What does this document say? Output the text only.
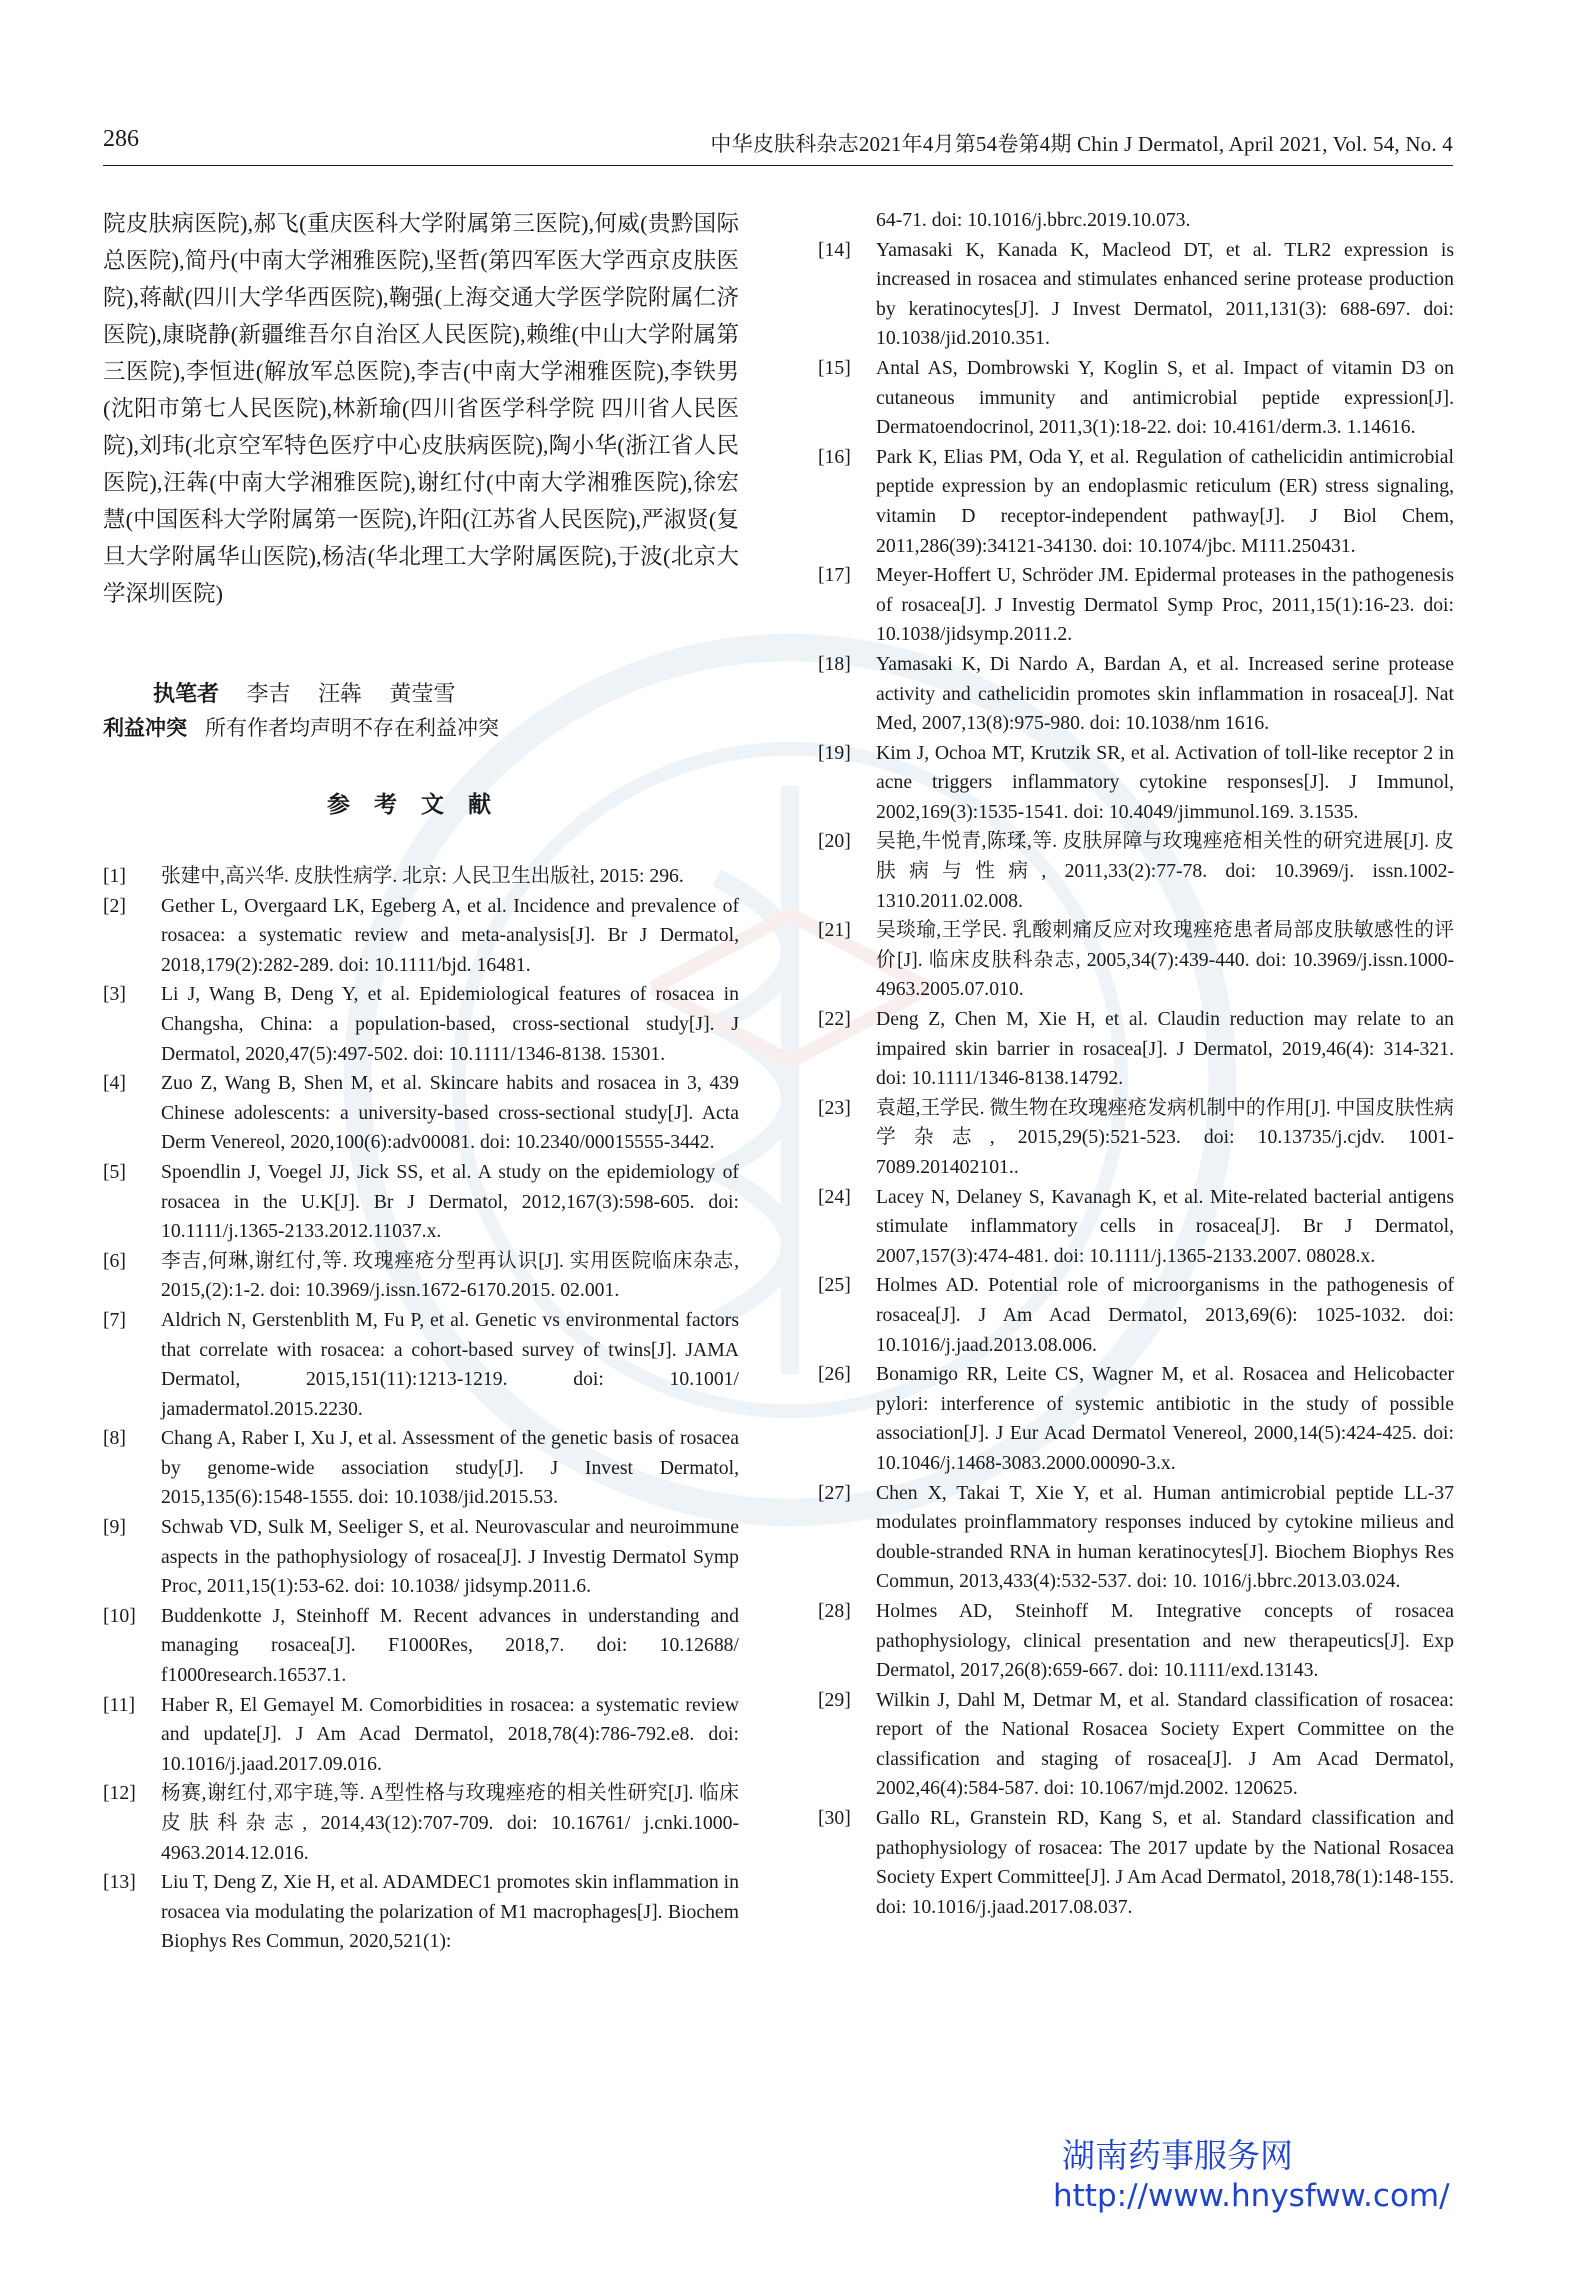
286	中华皮肤科杂志2021年4月第54卷第4期 Chin J Dermatol, April 2021, Vol. 54, No. 4

院皮肤病医院),郝飞(重庆医科大学附属第三医院),何威(贵黔国际总医院),简丹(中南大学湘雅医院),坚哲(第四军医大学西京皮肤医院),蒋献(四川大学华西医院),鞠强(上海交通大学医学院附属仁济医院),康晓静(新疆维吾尔自治区人民医院),赖维(中山大学附属第三医院),李恒进(解放军总医院),李吉(中南大学湘雅医院),李铁男(沈阳市第七人民医院),林新瑜(四川省医学科学院 四川省人民医院),刘玮(北京空军特色医疗中心皮肤病医院),陶小华(浙江省人民医院),汪犇(中南大学湘雅医院),谢红付(中南大学湘雅医院),徐宏慧(中国医科大学附属第一医院),许阳(江苏省人民医院),严淑贤(复旦大学附属华山医院),杨洁(华北理工大学附属医院),于波(北京大学深圳医院)

执笔者 李吉 汪犇 黄莹雪

利益冲突 所有作者均声明不存在利益冲突

参考文献
[1]	张建中,高兴华. 皮肤性病学. 北京: 人民卫生出版社, 2015: 296.
[2]	Gether L, Overgaard LK, Egeberg A, et al. Incidence and prevalence of rosacea: a systematic review and meta-analysis[J]. Br J Dermatol, 2018,179(2):282-289. doi: 10.1111/bjd. 16481.
[3]	Li J, Wang B, Deng Y, et al. Epidemiological features of rosacea in Changsha, China: a population-based, cross-sectional study[J]. J Dermatol, 2020,47(5):497-502. doi: 10.1111/1346-8138. 15301.
[4]	Zuo Z, Wang B, Shen M, et al. Skincare habits and rosacea in 3, 439 Chinese adolescents: a university-based cross-sectional study[J]. Acta Derm Venereol, 2020,100(6):adv00081. doi: 10.2340/00015555-3442.
[5]	Spoendlin J, Voegel JJ, Jick SS, et al. A study on the epidemiology of rosacea in the U.K[J]. Br J Dermatol, 2012,167(3):598-605. doi: 10.1111/j.1365-2133.2012.11037.x.
[6]	李吉,何琳,谢红付,等. 玫瑰痤疮分型再认识[J]. 实用医院临床杂志, 2015,(2):1-2. doi: 10.3969/j.issn.1672-6170.2015. 02.001.
[7]	Aldrich N, Gerstenblith M, Fu P, et al. Genetic vs environmental factors that correlate with rosacea: a cohort-based survey of twins[J]. JAMA Dermatol, 2015,151(11):1213-1219. doi: 10.1001/ jamadermatol.2015.2230.
[8]	Chang A, Raber I, Xu J, et al. Assessment of the genetic basis of rosacea by genome-wide association study[J]. J Invest Dermatol, 2015,135(6):1548-1555. doi: 10.1038/jid.2015.53.
[9]	Schwab VD, Sulk M, Seeliger S, et al. Neurovascular and neuroimmune aspects in the pathophysiology of rosacea[J]. J Investig Dermatol Symp Proc, 2011,15(1):53-62. doi: 10.1038/ jidsymp.2011.6.
[10]	Buddenkotte J, Steinhoff M. Recent advances in understanding and managing rosacea[J]. F1000Res, 2018,7. doi: 10.12688/ f1000research.16537.1.
[11]	Haber R, El Gemayel M. Comorbidities in rosacea: a systematic review and update[J]. J Am Acad Dermatol, 2018,78(4):786-792.e8. doi: 10.1016/j.jaad.2017.09.016.
[12]	杨赛,谢红付,邓宇琏,等. A型性格与玫瑰痤疮的相关性研究[J]. 临床皮肤科杂志, 2014,43(12):707-709. doi: 10.16761/ j.cnki.1000-4963.2014.12.016.
[13]	Liu T, Deng Z, Xie H, et al. ADAMDEC1 promotes skin inflammation in rosacea via modulating the polarization of M1 macrophages[J]. Biochem Biophys Res Commun, 2020,521(1):
64-71. doi: 10.1016/j.bbrc.2019.10.073.
[14]	Yamasaki K, Kanada K, Macleod DT, et al. TLR2 expression is increased in rosacea and stimulates enhanced serine protease production by keratinocytes[J]. J Invest Dermatol, 2011,131(3): 688-697. doi: 10.1038/jid.2010.351.
[15]	Antal AS, Dombrowski Y, Koglin S, et al. Impact of vitamin D3 on cutaneous immunity and antimicrobial peptide expression[J]. Dermatoendocrinol, 2011,3(1):18-22. doi: 10.4161/derm.3. 1.14616.
[16]	Park K, Elias PM, Oda Y, et al. Regulation of cathelicidin antimicrobial peptide expression by an endoplasmic reticulum (ER) stress signaling, vitamin D receptor-independent pathway[J]. J Biol Chem, 2011,286(39):34121-34130. doi: 10.1074/jbc. M111.250431.
[17]	Meyer-Hoffert U, Schröder JM. Epidermal proteases in the pathogenesis of rosacea[J]. J Investig Dermatol Symp Proc, 2011,15(1):16-23. doi: 10.1038/jidsymp.2011.2.
[18]	Yamasaki K, Di Nardo A, Bardan A, et al. Increased serine protease activity and cathelicidin promotes skin inflammation in rosacea[J]. Nat Med, 2007,13(8):975-980. doi: 10.1038/nm 1616.
[19]	Kim J, Ochoa MT, Krutzik SR, et al. Activation of toll-like receptor 2 in acne triggers inflammatory cytokine responses[J]. J Immunol, 2002,169(3):1535-1541. doi: 10.4049/jimmunol.169. 3.1535.
[20]	吴艳,牛悦青,陈瑈,等. 皮肤屏障与玫瑰痤疮相关性的研究进展[J]. 皮肤病与性病, 2011,33(2):77-78. doi: 10.3969/j. issn.1002-1310.2011.02.008.
[21]	吴琰瑜,王学民. 乳酸刺痛反应对玫瑰痤疮患者局部皮肤敏感性的评价[J]. 临床皮肤科杂志, 2005,34(7):439-440. doi: 10.3969/j.issn.1000-4963.2005.07.010.
[22]	Deng Z, Chen M, Xie H, et al. Claudin reduction may relate to an impaired skin barrier in rosacea[J]. J Dermatol, 2019,46(4): 314-321. doi: 10.1111/1346-8138.14792.
[23]	袁超,王学民. 微生物在玫瑰痤疮发病机制中的作用[J]. 中国皮肤性病学杂志, 2015,29(5):521-523. doi: 10.13735/j.cjdv. 1001-7089.201402101..
[24]	Lacey N, Delaney S, Kavanagh K, et al. Mite-related bacterial antigens stimulate inflammatory cells in rosacea[J]. Br J Dermatol, 2007,157(3):474-481. doi: 10.1111/j.1365-2133.2007. 08028.x.
[25]	Holmes AD. Potential role of microorganisms in the pathogenesis of rosacea[J]. J Am Acad Dermatol, 2013,69(6): 1025-1032. doi: 10.1016/j.jaad.2013.08.006.
[26]	Bonamigo RR, Leite CS, Wagner M, et al. Rosacea and Helicobacter pylori: interference of systemic antibiotic in the study of possible association[J]. J Eur Acad Dermatol Venereol, 2000,14(5):424-425. doi: 10.1046/j.1468-3083.2000.00090-3.x.
[27]	Chen X, Takai T, Xie Y, et al. Human antimicrobial peptide LL-37 modulates proinflammatory responses induced by cytokine milieus and double-stranded RNA in human keratinocytes[J]. Biochem Biophys Res Commun, 2013,433(4):532-537. doi: 10. 1016/j.bbrc.2013.03.024.
[28]	Holmes AD, Steinhoff M. Integrative concepts of rosacea pathophysiology, clinical presentation and new therapeutics[J]. Exp Dermatol, 2017,26(8):659-667. doi: 10.1111/exd.13143.
[29]	Wilkin J, Dahl M, Detmar M, et al. Standard classification of rosacea: report of the National Rosacea Society Expert Committee on the classification and staging of rosacea[J]. J Am Acad Dermatol, 2002,46(4):584-587. doi: 10.1067/mjd.2002. 120625.
[30]	Gallo RL, Granstein RD, Kang S, et al. Standard classification and pathophysiology of rosacea: The 2017 update by the National Rosacea Society Expert Committee[J]. J Am Acad Dermatol, 2018,78(1):148-155. doi: 10.1016/j.jaad.2017.08.037.
湖南药事服务网
http://www.hnysfww.com/
